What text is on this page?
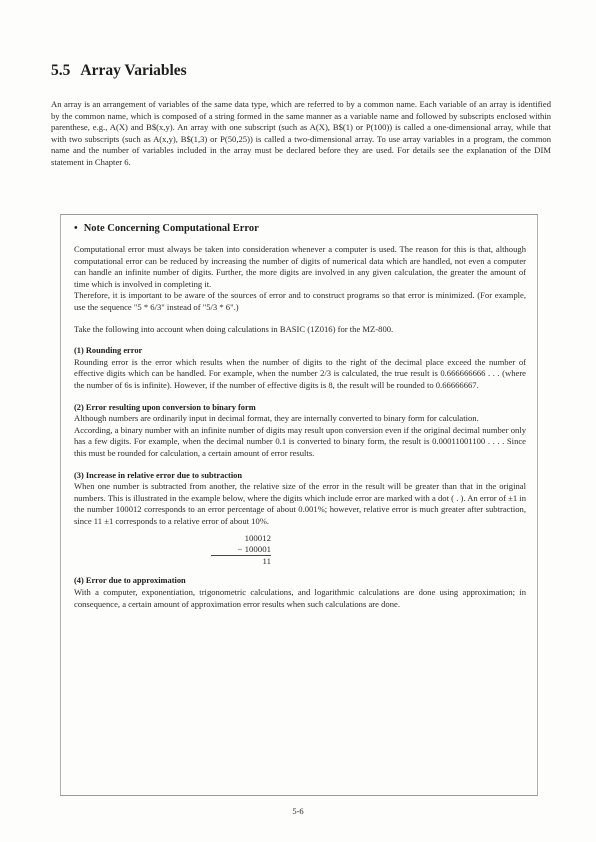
5.5 Array Variables

An array is an arrangement of variables of the same data type, which are referred to by a common name. Each variable of an array is identified by the common name, which is composed of a string formed in the same manner as a variable name and followed by subscripts enclosed within parenthese, e.g., A(X) and B$(x,y). An array with one subscript (such as A(X), B$(1) or P(100)) is called a one-dimensional array, while that with two subscripts (such as A(x,y), B$(1,3) or P(50,25)) is called a two-dimensional array. To use array variables in a program, the common name and the number of variables included in the array must be declared before they are used. For details see the explanation of the DIM statement in Chapter 6.

• Note Concerning Computational Error

Computational error must always be taken into consideration whenever a computer is used. The reason for this is that, although computational error can be reduced by increasing the number of digits of numerical data which are handled, not even a computer can handle an infinite number of digits. Further, the more digits are involved in any given calculation, the greater the amount of time which is involved in completing it.

Therefore, it is important to be aware of the sources of error and to construct programs so that error is minimized. (For example, use the sequence "5 * 6/3" instead of "5/3 * 6".)

Take the following into account when doing calculations in BASIC (1Z016) for the MZ-800.

(1) Rounding error

Rounding error is the error which results when the number of digits to the right of the decimal place exceed the number of effective digits which can be handled. For example, when the number 2/3 is calculated, the true result is 0.666666666 . . . (where the number of 6s is infinite). However, if the number of effective digits is 8, the result will be rounded to 0.66666667.

(2) Error resulting upon conversion to binary form

Although numbers are ordinarily input in decimal format, they are internally converted to binary form for calculation.

According, a binary number with an infinite number of digits may result upon conversion even if the original decimal number only has a few digits. For example, when the decimal number 0.1 is converted to binary form, the result is 0.00011001100 . . . . Since this must be rounded for calculation, a certain amount of error results.

(3) Increase in relative error due to subtraction

When one number is subtracted from another, the relative size of the error in the result will be greater than that in the original numbers. This is illustrated in the example below, where the digits which include error are marked with a dot ( . ). An error of ±1 in the number 100012 corresponds to an error percentage of about 0.001%; however, relative error is much greater after subtraction, since 11 ±1 corresponds to a relative error of about 10%.

100012
− 100001
11

(4) Error due to approximation

With a computer, exponentiation, trigonometric calculations, and logarithmic calculations are done using approximation; in consequence, a certain amount of approximation error results when such calculations are done.

5-6
